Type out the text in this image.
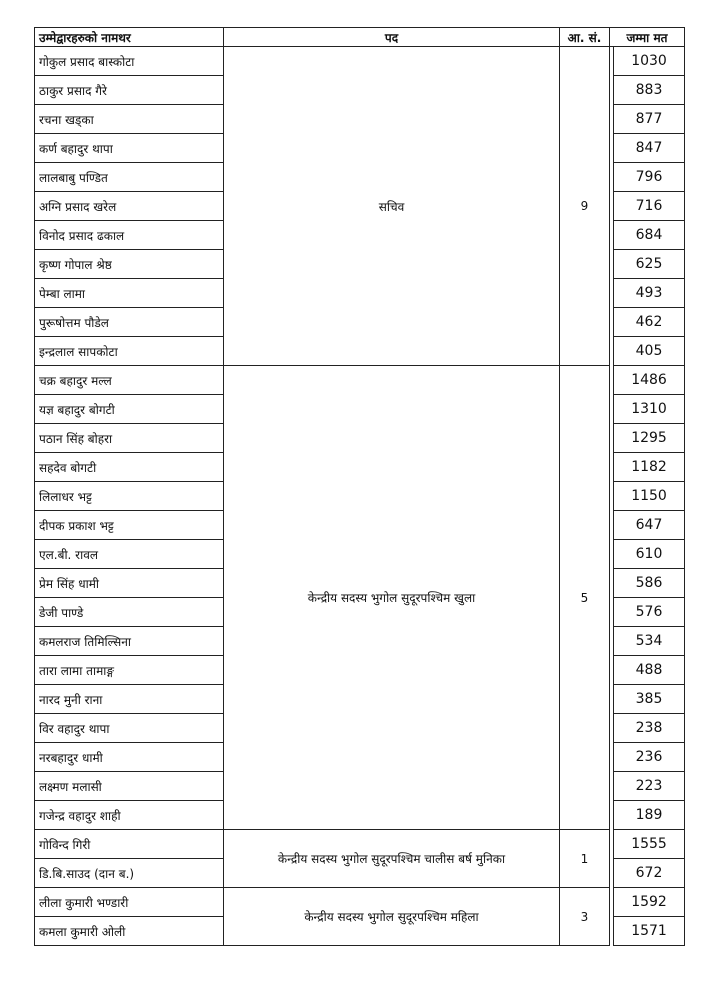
उम्मेद्वारहरुको नामथर	पद	आ. सं.	जम्मा मत	
गोकुल प्रसाद बास्कोटा	सचिव	9		1030
ठाकुर प्रसाद गैरे				883
रचना खड्का				877
कर्ण बहादुर थापा				847
लालबाबु पण्डित				796
अग्नि प्रसाद खरेल				716
विनोद प्रसाद ढकाल				684
कृष्ण गोपाल श्रेष्ठ				625
पेम्बा लामा				493
पुरूषोत्तम पौडेल				462
इन्द्रलाल सापकोटा				405
चक्र बहादुर मल्ल	केन्द्रीय सदस्य भुगोल सुदूरपश्चिम खुला	5		1486
यज्ञ बहादुर बोगटी				1310
पठान सिंह बोहरा				1295
सहदेव बोगटी				1182
लिलाधर भट्ट				1150
दीपक प्रकाश भट्ट				647
एल.बी. रावल				610
प्रेम सिंह धामी				586
डेजी पाण्डे				576
कमलराज तिमिल्सिना				534
तारा लामा तामाङ्ग				488
नारद मुनी राना				385
विर वहादुर थापा				238
नरबहादुर धामी				236
लक्ष्मण मलासी				223
गजेन्द्र वहादुर शाही				189
गोविन्द गिरी	केन्द्रीय सदस्य भुगोल सुदूरपश्चिम चालीस बर्ष मुनिका	1		1555
डि.बि.साउद (दान ब.)				672
लीला कुमारी भण्डारी	केन्द्रीय सदस्य भुगोल सुदूरपश्चिम महिला	3		1592
कमला कुमारी ओली				1571
